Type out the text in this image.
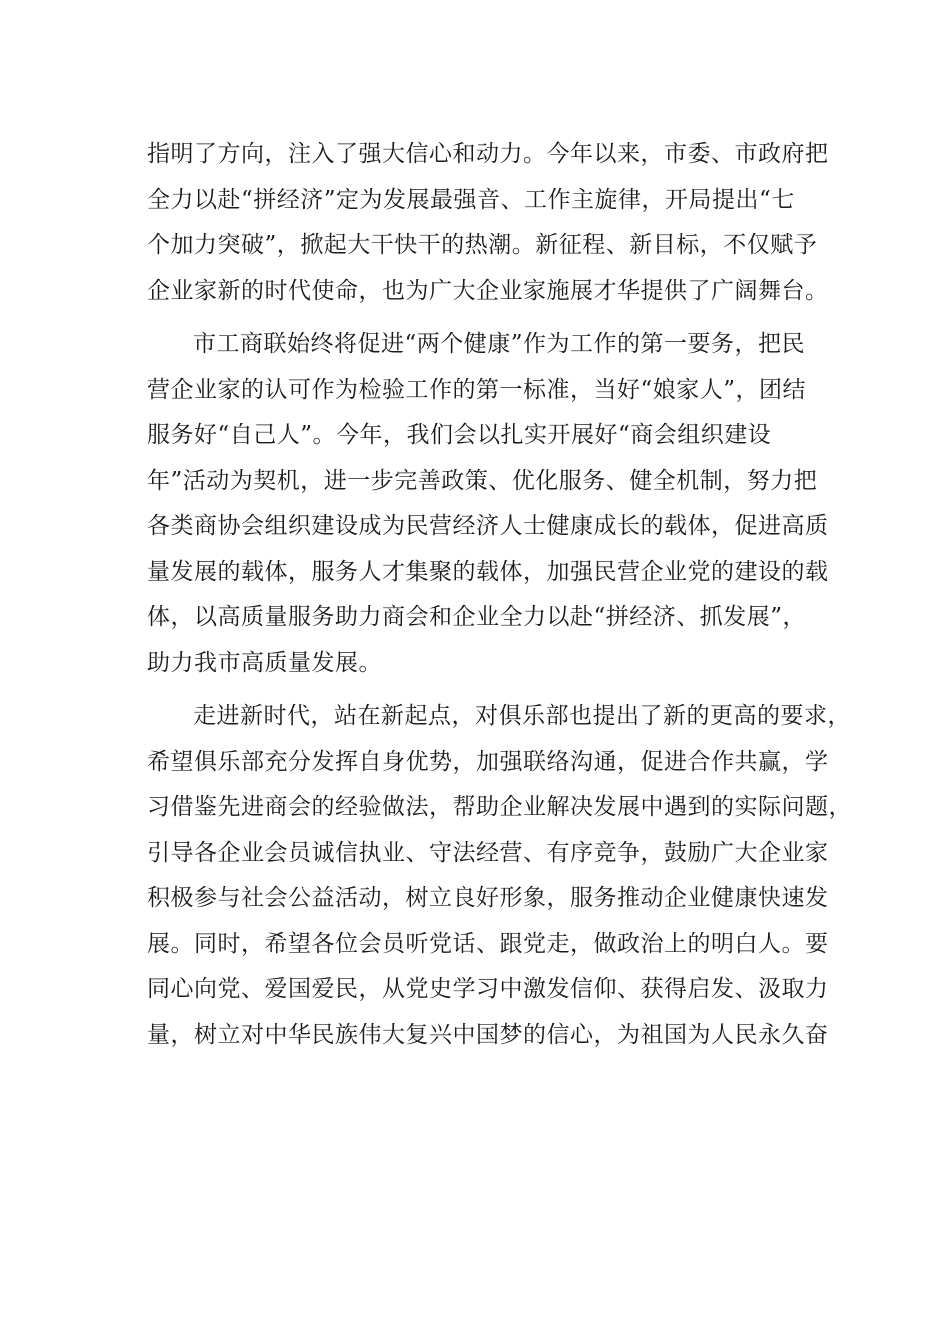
指明了方向，注入了强大信心和动力。今年以来，市委、市政府把
全力以赴“拼经济”定为发展最强音、工作主旋律，开局提出“七
个加力突破”，掀起大干快干的热潮。新征程、新目标，不仅赋予
企业家新的时代使命，也为广大企业家施展才华提供了广阔舞台。
市工商联始终将促进“两个健康”作为工作的第一要务，把民
营企业家的认可作为检验工作的第一标准，当好“娘家人”，团结
服务好“自己人”。今年，我们会以扎实开展好“商会组织建设
年”活动为契机，进一步完善政策、优化服务、健全机制，努力把
各类商协会组织建设成为民营经济人士健康成长的载体，促进高质
量发展的载体，服务人才集聚的载体，加强民营企业党的建设的载
体，以高质量服务助力商会和企业全力以赴“拼经济、抓发展”，
助力我市高质量发展。
走进新时代，站在新起点，对俱乐部也提出了新的更高的要求，
希望俱乐部充分发挥自身优势，加强联络沟通，促进合作共赢，学
习借鉴先进商会的经验做法，帮助企业解决发展中遇到的实际问题，
引导各企业会员诚信执业、守法经营、有序竞争，鼓励广大企业家
积极参与社会公益活动，树立良好形象，服务推动企业健康快速发
展。同时，希望各位会员听党话、跟党走，做政治上的明白人。要
同心向党、爱国爱民，从党史学习中激发信仰、获得启发、汲取力
量，树立对中华民族伟大复兴中国梦的信心，为祖国为人民永久奋
